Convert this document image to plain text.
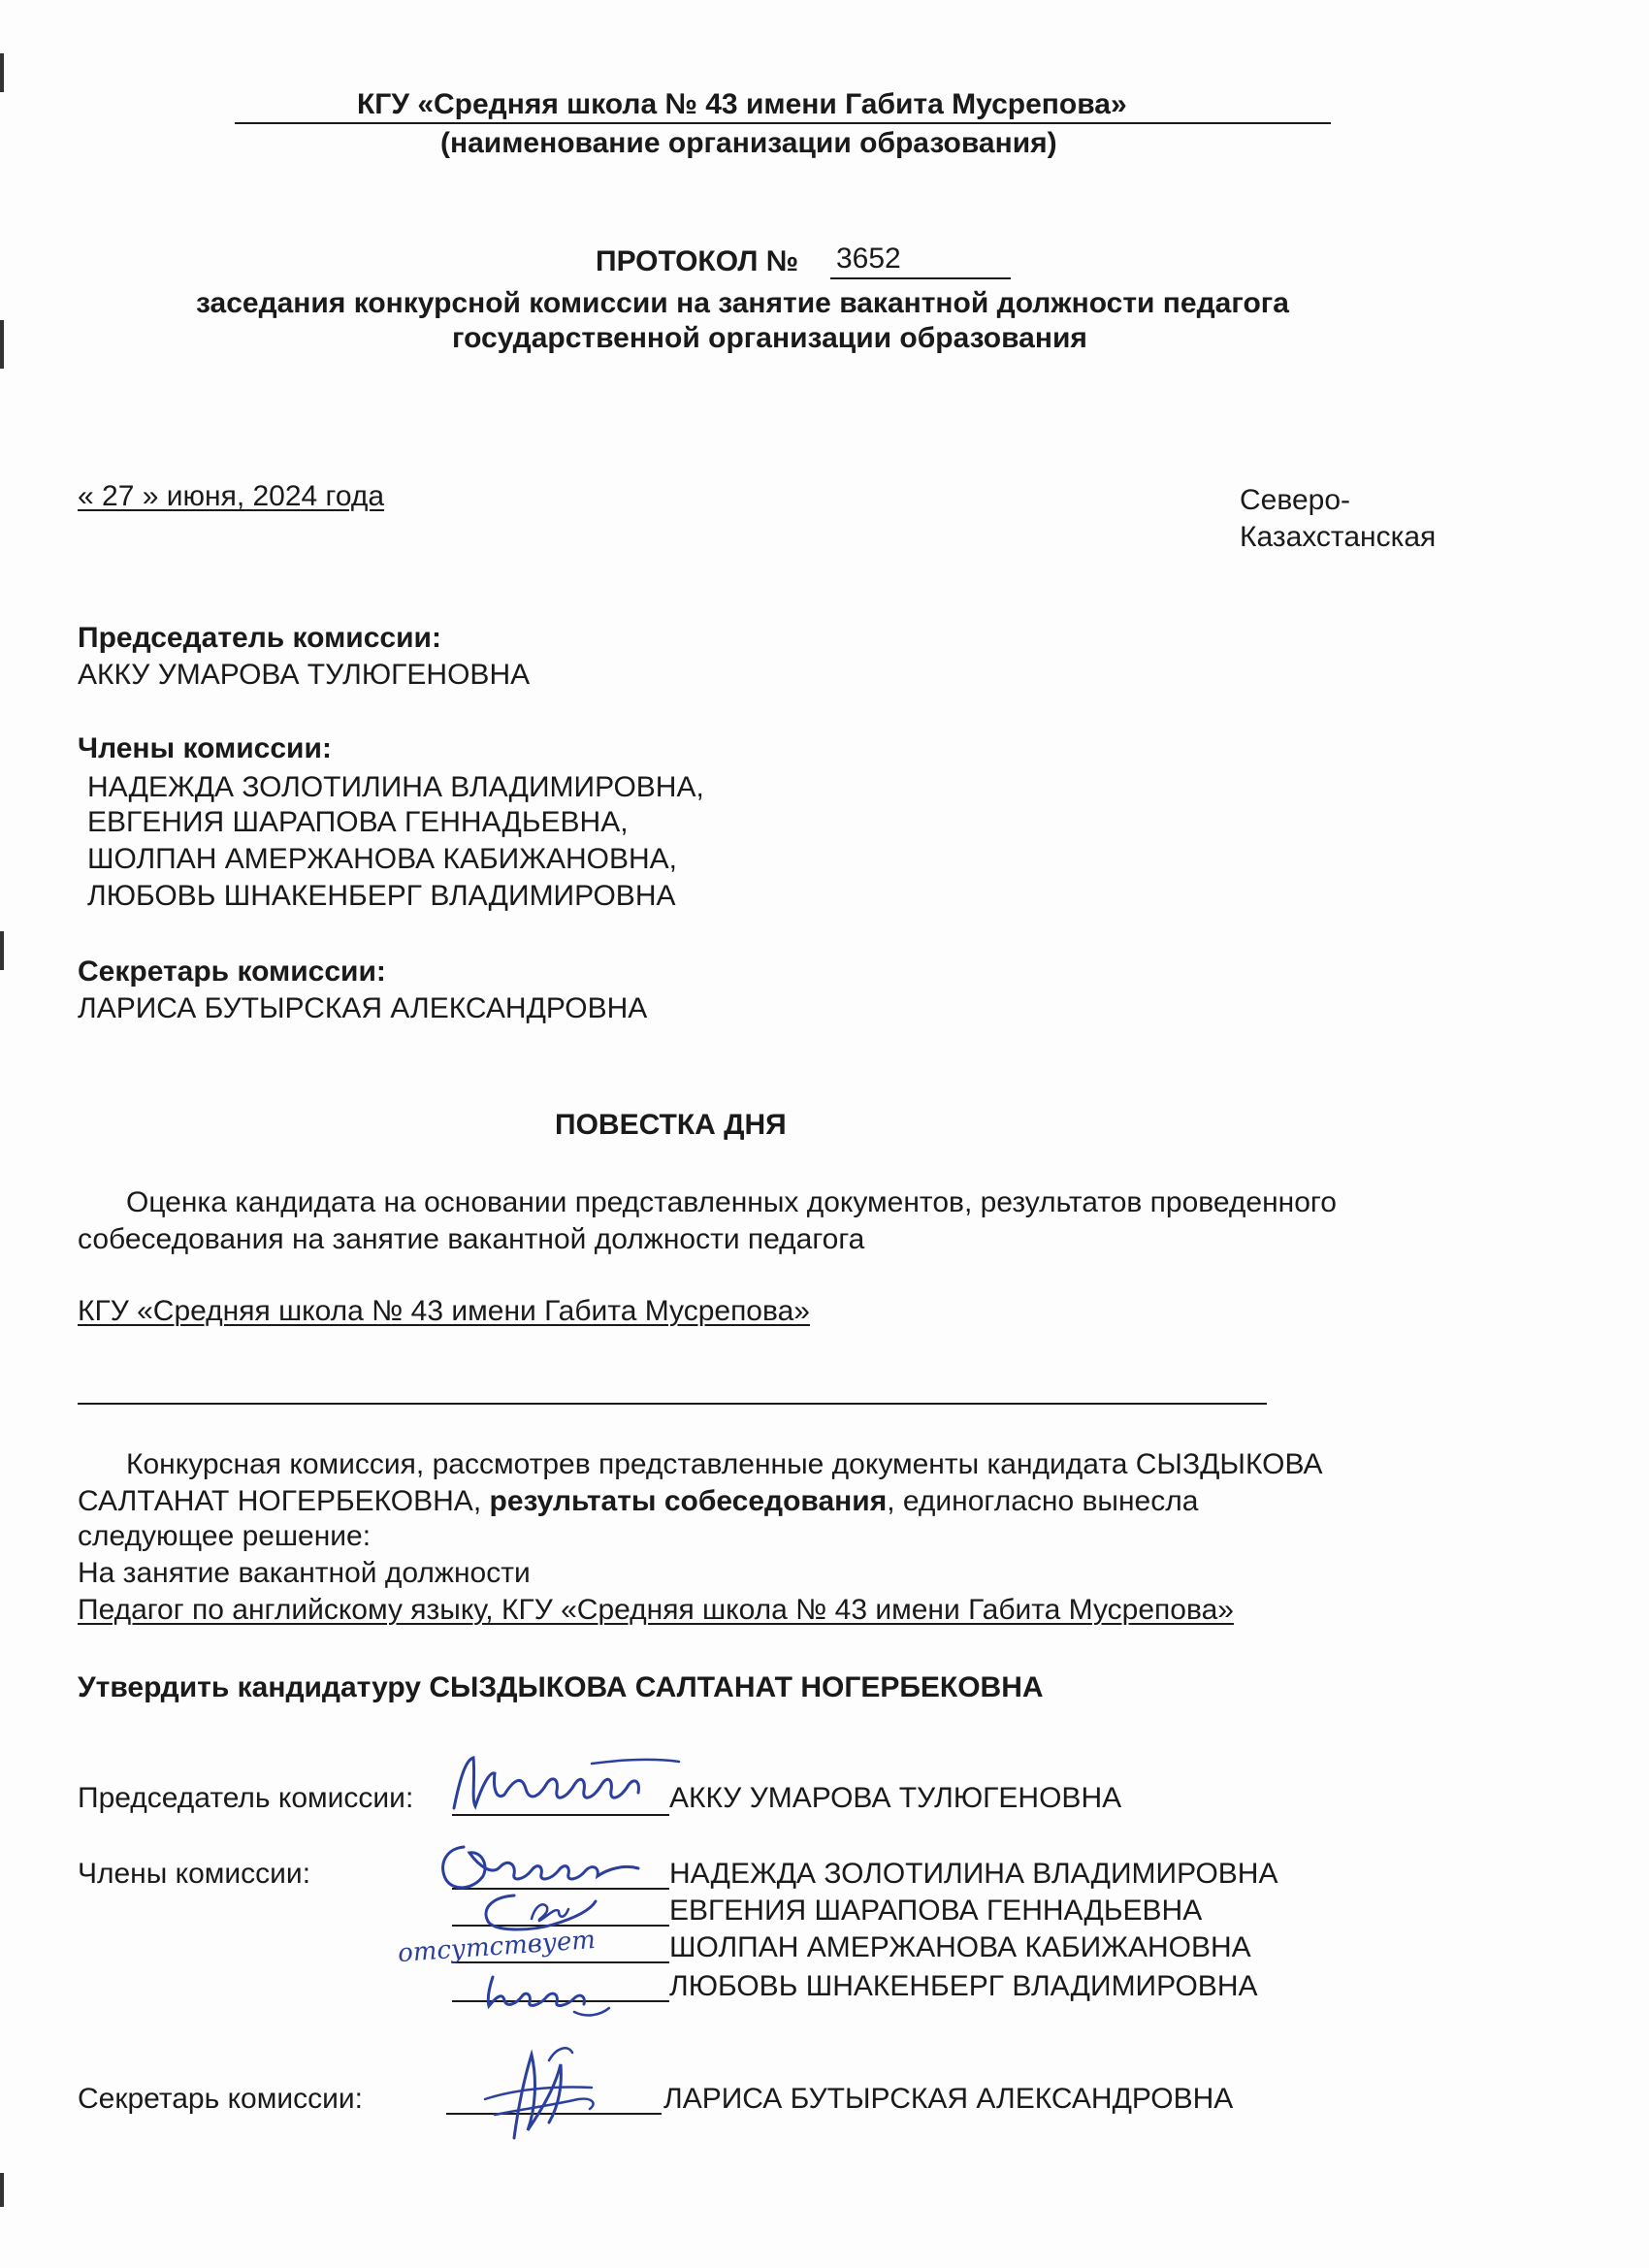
КГУ «Средняя школа № 43 имени Габита Мусрепова»
(наименование организации образования)
ПРОТОКОЛ № 3652
заседания конкурсной комиссии на занятие вакантной должности педагога
государственной организации образования
« 27 » июня, 2024 года	Северо-
Казахстанская
Председатель комиссии:
АККУ УМАРОВА ТУЛЮГЕНОВНА
Члены комиссии:
НАДЕЖДА ЗОЛОТИЛИНА ВЛАДИМИРОВНА,
ЕВГЕНИЯ ШАРАПОВА ГЕННАДЬЕВНА,
ШОЛПАН АМЕРЖАНОВА КАБИЖАНОВНА,
ЛЮБОВЬ ШНАКЕНБЕРГ ВЛАДИМИРОВНА
Секретарь комиссии:
ЛАРИСА БУТЫРСКАЯ АЛЕКСАНДРОВНА
ПОВЕСТКА ДНЯ
Оценка кандидата на основании представленных документов, результатов проведенного
собеседования на занятие вакантной должности педагога
КГУ «Средняя школа № 43 имени Габита Мусрепова»
Конкурсная комиссия, рассмотрев представленные документы кандидата СЫЗДЫКОВА
САЛТАНАТ НОГЕРБЕКОВНА, результаты собеседования, единогласно вынесла
следующее решение:
На занятие вакантной должности
Педагог по английскому языку, КГУ «Средняя школа № 43 имени Габита Мусрепова»
Утвердить кандидатуру СЫЗДЫКОВА САЛТАНАТ НОГЕРБЕКОВНА
Председатель комиссии:	АККУ УМАРОВА ТУЛЮГЕНОВНА
Члены комиссии:	НАДЕЖДА ЗОЛОТИЛИНА ВЛАДИМИРОВНА
ЕВГЕНИЯ ШАРАПОВА ГЕННАДЬЕВНА
ШОЛПАН АМЕРЖАНОВА КАБИЖАНОВНА
ЛЮБОВЬ ШНАКЕНБЕРГ ВЛАДИМИРОВНА
Секретарь комиссии:	ЛАРИСА БУТЫРСКАЯ АЛЕКСАНДРОВНА
отсутствует
